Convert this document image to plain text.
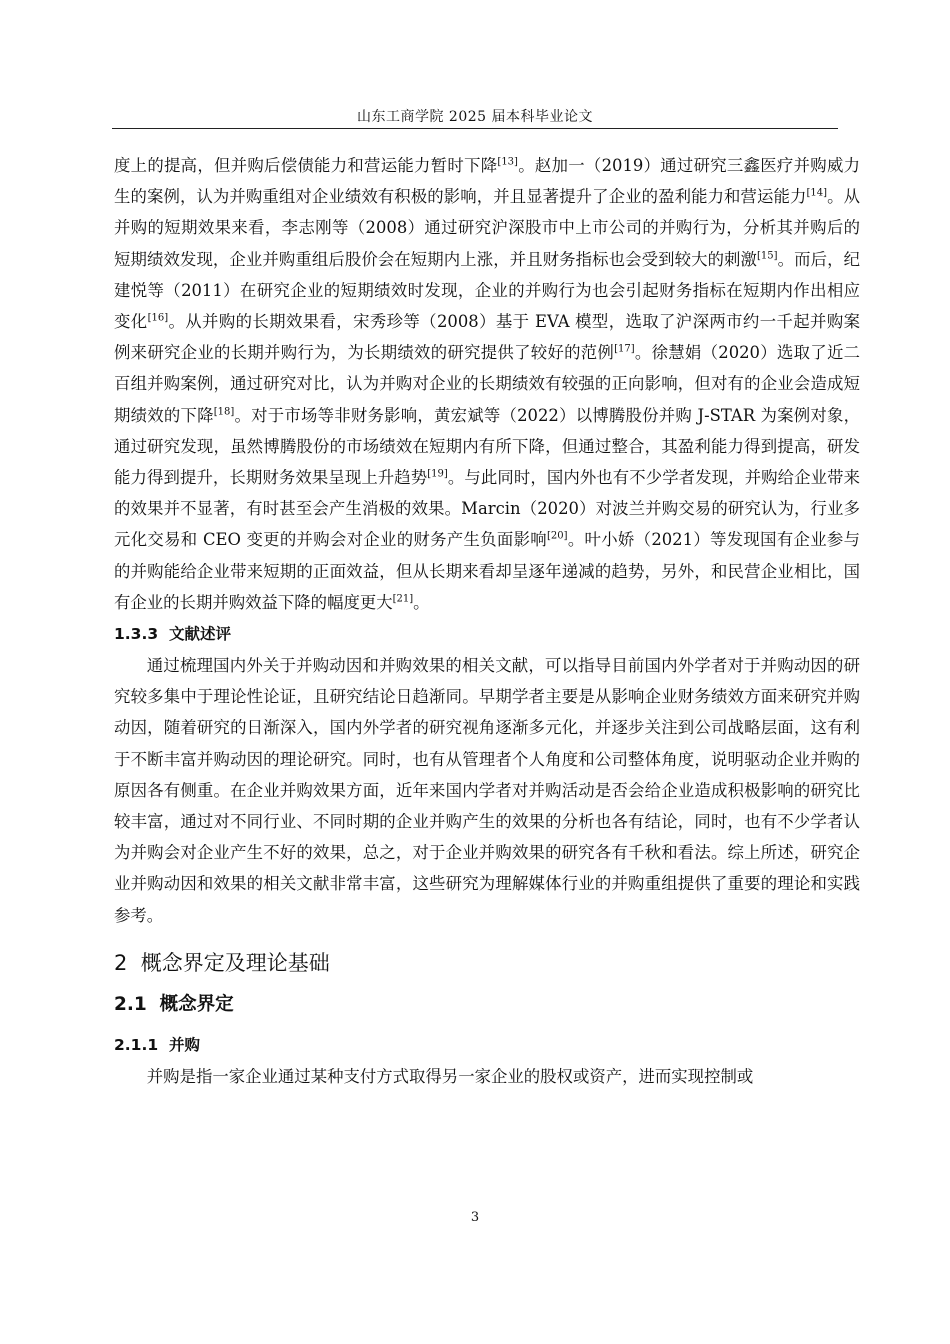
山东工商学院 2025 届本科毕业论文

度上的提高，但并购后偿债能力和营运能力暂时下降[13]。赵加一（2019）通过研究三鑫医疗并购威力生的案例，认为并购重组对企业绩效有积极的影响，并且显著提升了企业的盈利能力和营运能力[14]。从并购的短期效果来看，李志刚等（2008）通过研究沪深股市中上市公司的并购行为，分析其并购后的短期绩效发现，企业并购重组后股价会在短期内上涨，并且财务指标也会受到较大的刺激[15]。而后，纪建悦等（2011）在研究企业的短期绩效时发现，企业的并购行为也会引起财务指标在短期内作出相应变化[16]。从并购的长期效果看，宋秀珍等（2008）基于 EVA 模型，选取了沪深两市约一千起并购案例来研究企业的长期并购行为，为长期绩效的研究提供了较好的范例[17]。徐慧娟（2020）选取了近二百组并购案例，通过研究对比，认为并购对企业的长期绩效有较强的正向影响，但对有的企业会造成短期绩效的下降[18]。对于市场等非财务影响，黄宏斌等（2022）以博腾股份并购 J-STAR 为案例对象，通过研究发现，虽然博腾股份的市场绩效在短期内有所下降，但通过整合，其盈利能力得到提高，研发能力得到提升，长期财务效果呈现上升趋势[19]。与此同时，国内外也有不少学者发现，并购给企业带来的效果并不显著，有时甚至会产生消极的效果。Marcin（2020）对波兰并购交易的研究认为，行业多元化交易和 CEO 变更的并购会对企业的财务产生负面影响[20]。叶小娇（2021）等发现国有企业参与的并购能给企业带来短期的正面效益，但从长期来看却呈逐年递减的趋势，另外，和民营企业相比，国有企业的长期并购效益下降的幅度更大[21]。

1.3.3 文献述评

通过梳理国内外关于并购动因和并购效果的相关文献，可以指导目前国内外学者对于并购动因的研究较多集中于理论性论证，且研究结论日趋渐同。早期学者主要是从影响企业财务绩效方面来研究并购动因，随着研究的日渐深入，国内外学者的研究视角逐渐多元化，并逐步关注到公司战略层面，这有利于不断丰富并购动因的理论研究。同时，也有从管理者个人角度和公司整体角度，说明驱动企业并购的原因各有侧重。在企业并购效果方面，近年来国内学者对并购活动是否会给企业造成积极影响的研究比较丰富，通过对不同行业、不同时期的企业并购产生的效果的分析也各有结论，同时，也有不少学者认为并购会对企业产生不好的效果，总之，对于企业并购效果的研究各有千秋和看法。综上所述，研究企业并购动因和效果的相关文献非常丰富，这些研究为理解媒体行业的并购重组提供了重要的理论和实践参考。

2 概念界定及理论基础

2.1 概念界定

2.1.1 并购

并购是指一家企业通过某种支付方式取得另一家企业的股权或资产，进而实现控制或

3
